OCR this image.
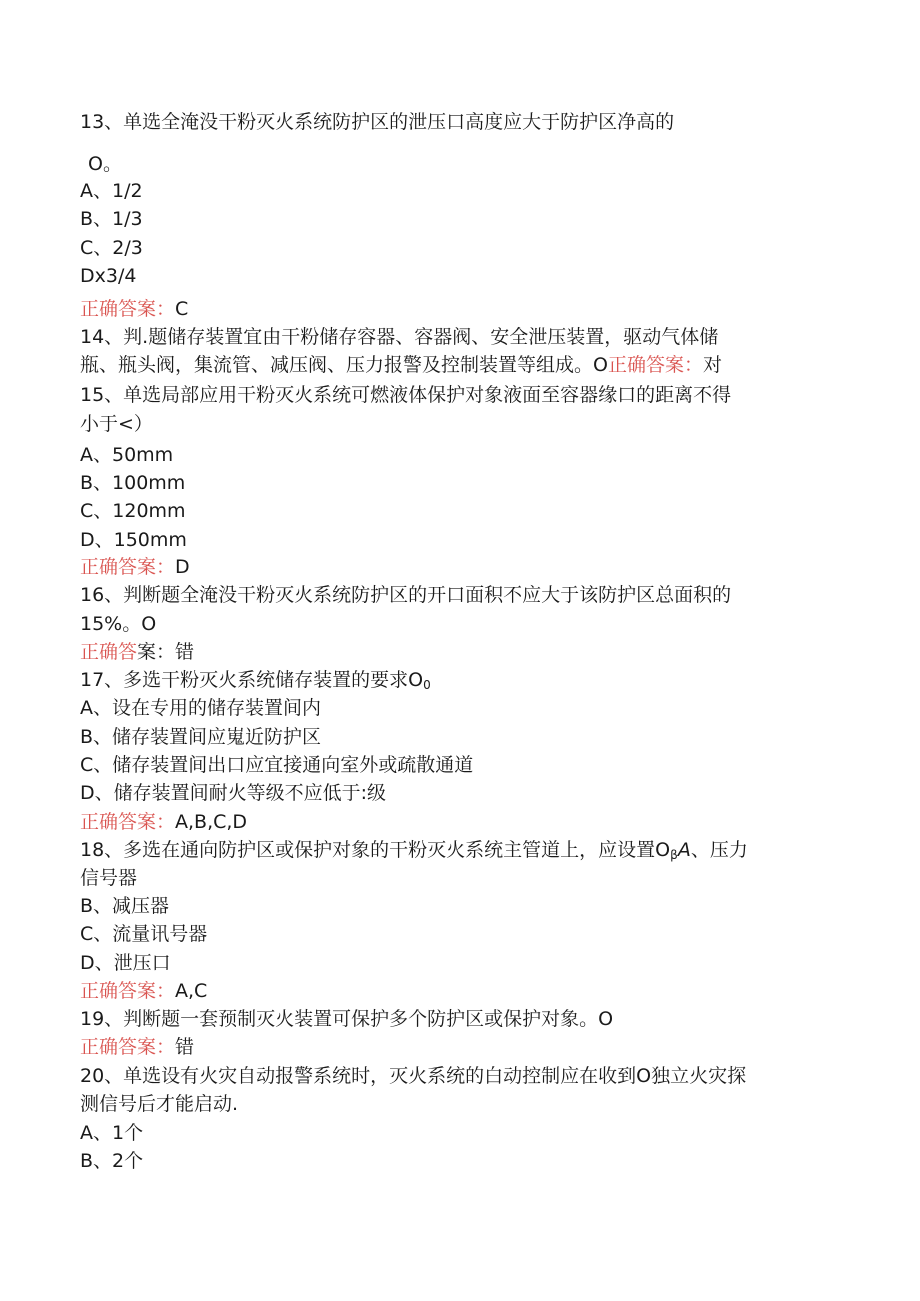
13、单选全淹没干粉灭火系统防护区的泄压口高度应大于防护区净高的
O。
A、1/2
B、1/3
C、2/3
Dx3/4
正确答案：C
14、判.题储存装置宜由干粉储存容器、容器阀、安全泄压装置，驱动气体储
瓶、瓶头阀，集流管、减压阀、压力报警及控制装置等组成。O正确答案：对
15、单选局部应用干粉灭火系统可燃液体保护对象液面至容器缘口的距离不得
小于<）
A、50mm
B、100mm
C、120mm
D、150mm
正确答案：D
16、判断题全淹没干粉灭火系统防护区的开口面积不应大于该防护区总面积的
15%。O
正确答案：错
17、多选干粉灭火系统储存装置的要求$O_0$
A、设在专用的储存装置间内
B、储存装置间应嵬近防护区
C、储存装置间出口应宜接通向室外或疏散通道
D、储存装置间耐火等级不应低于:级
正确答案：A,B,C,D
18、多选在通向防护区或保护对象的干粉灭火系统主管道上，应设置$O_\beta A$、压力
信号器
B、减压器
C、流量讯号器
D、泄压口
正确答案：A,C
19、判断题一套预制灭火装置可保护多个防护区或保护对象。O
正确答案：错
20、单选设有火灾自动报警系统时，灭火系统的白动控制应在收到O独立火灾探
测信号后才能启动.
A、1个
B、2个
